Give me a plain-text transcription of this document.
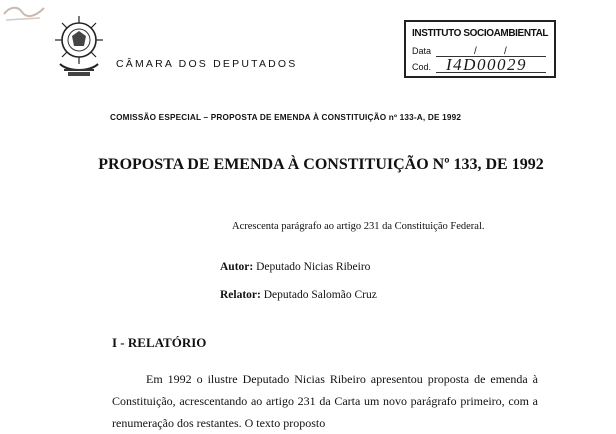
CÂMARA DOS DEPUTADOS
INSTITUTO SOCIOAMBIENTAL
Data	/	/
Cod. I4D00029
COMISSÃO ESPECIAL – PROPOSTA DE EMENDA À CONSTITUIÇÃO nº 133-A, DE 1992
PROPOSTA DE EMENDA À CONSTITUIÇÃO Nº 133, DE 1992
Acrescenta parágrafo ao artigo 231 da Constituição Federal.
Autor: Deputado Nicias Ribeiro
Relator: Deputado Salomão Cruz
I - RELATÓRIO
Em 1992 o ilustre Deputado Nicias Ribeiro apresentou proposta de emenda à Constituição, acrescentando ao artigo 231 da Carta um novo parágrafo primeiro, com a renumeração dos restantes. O texto proposto
